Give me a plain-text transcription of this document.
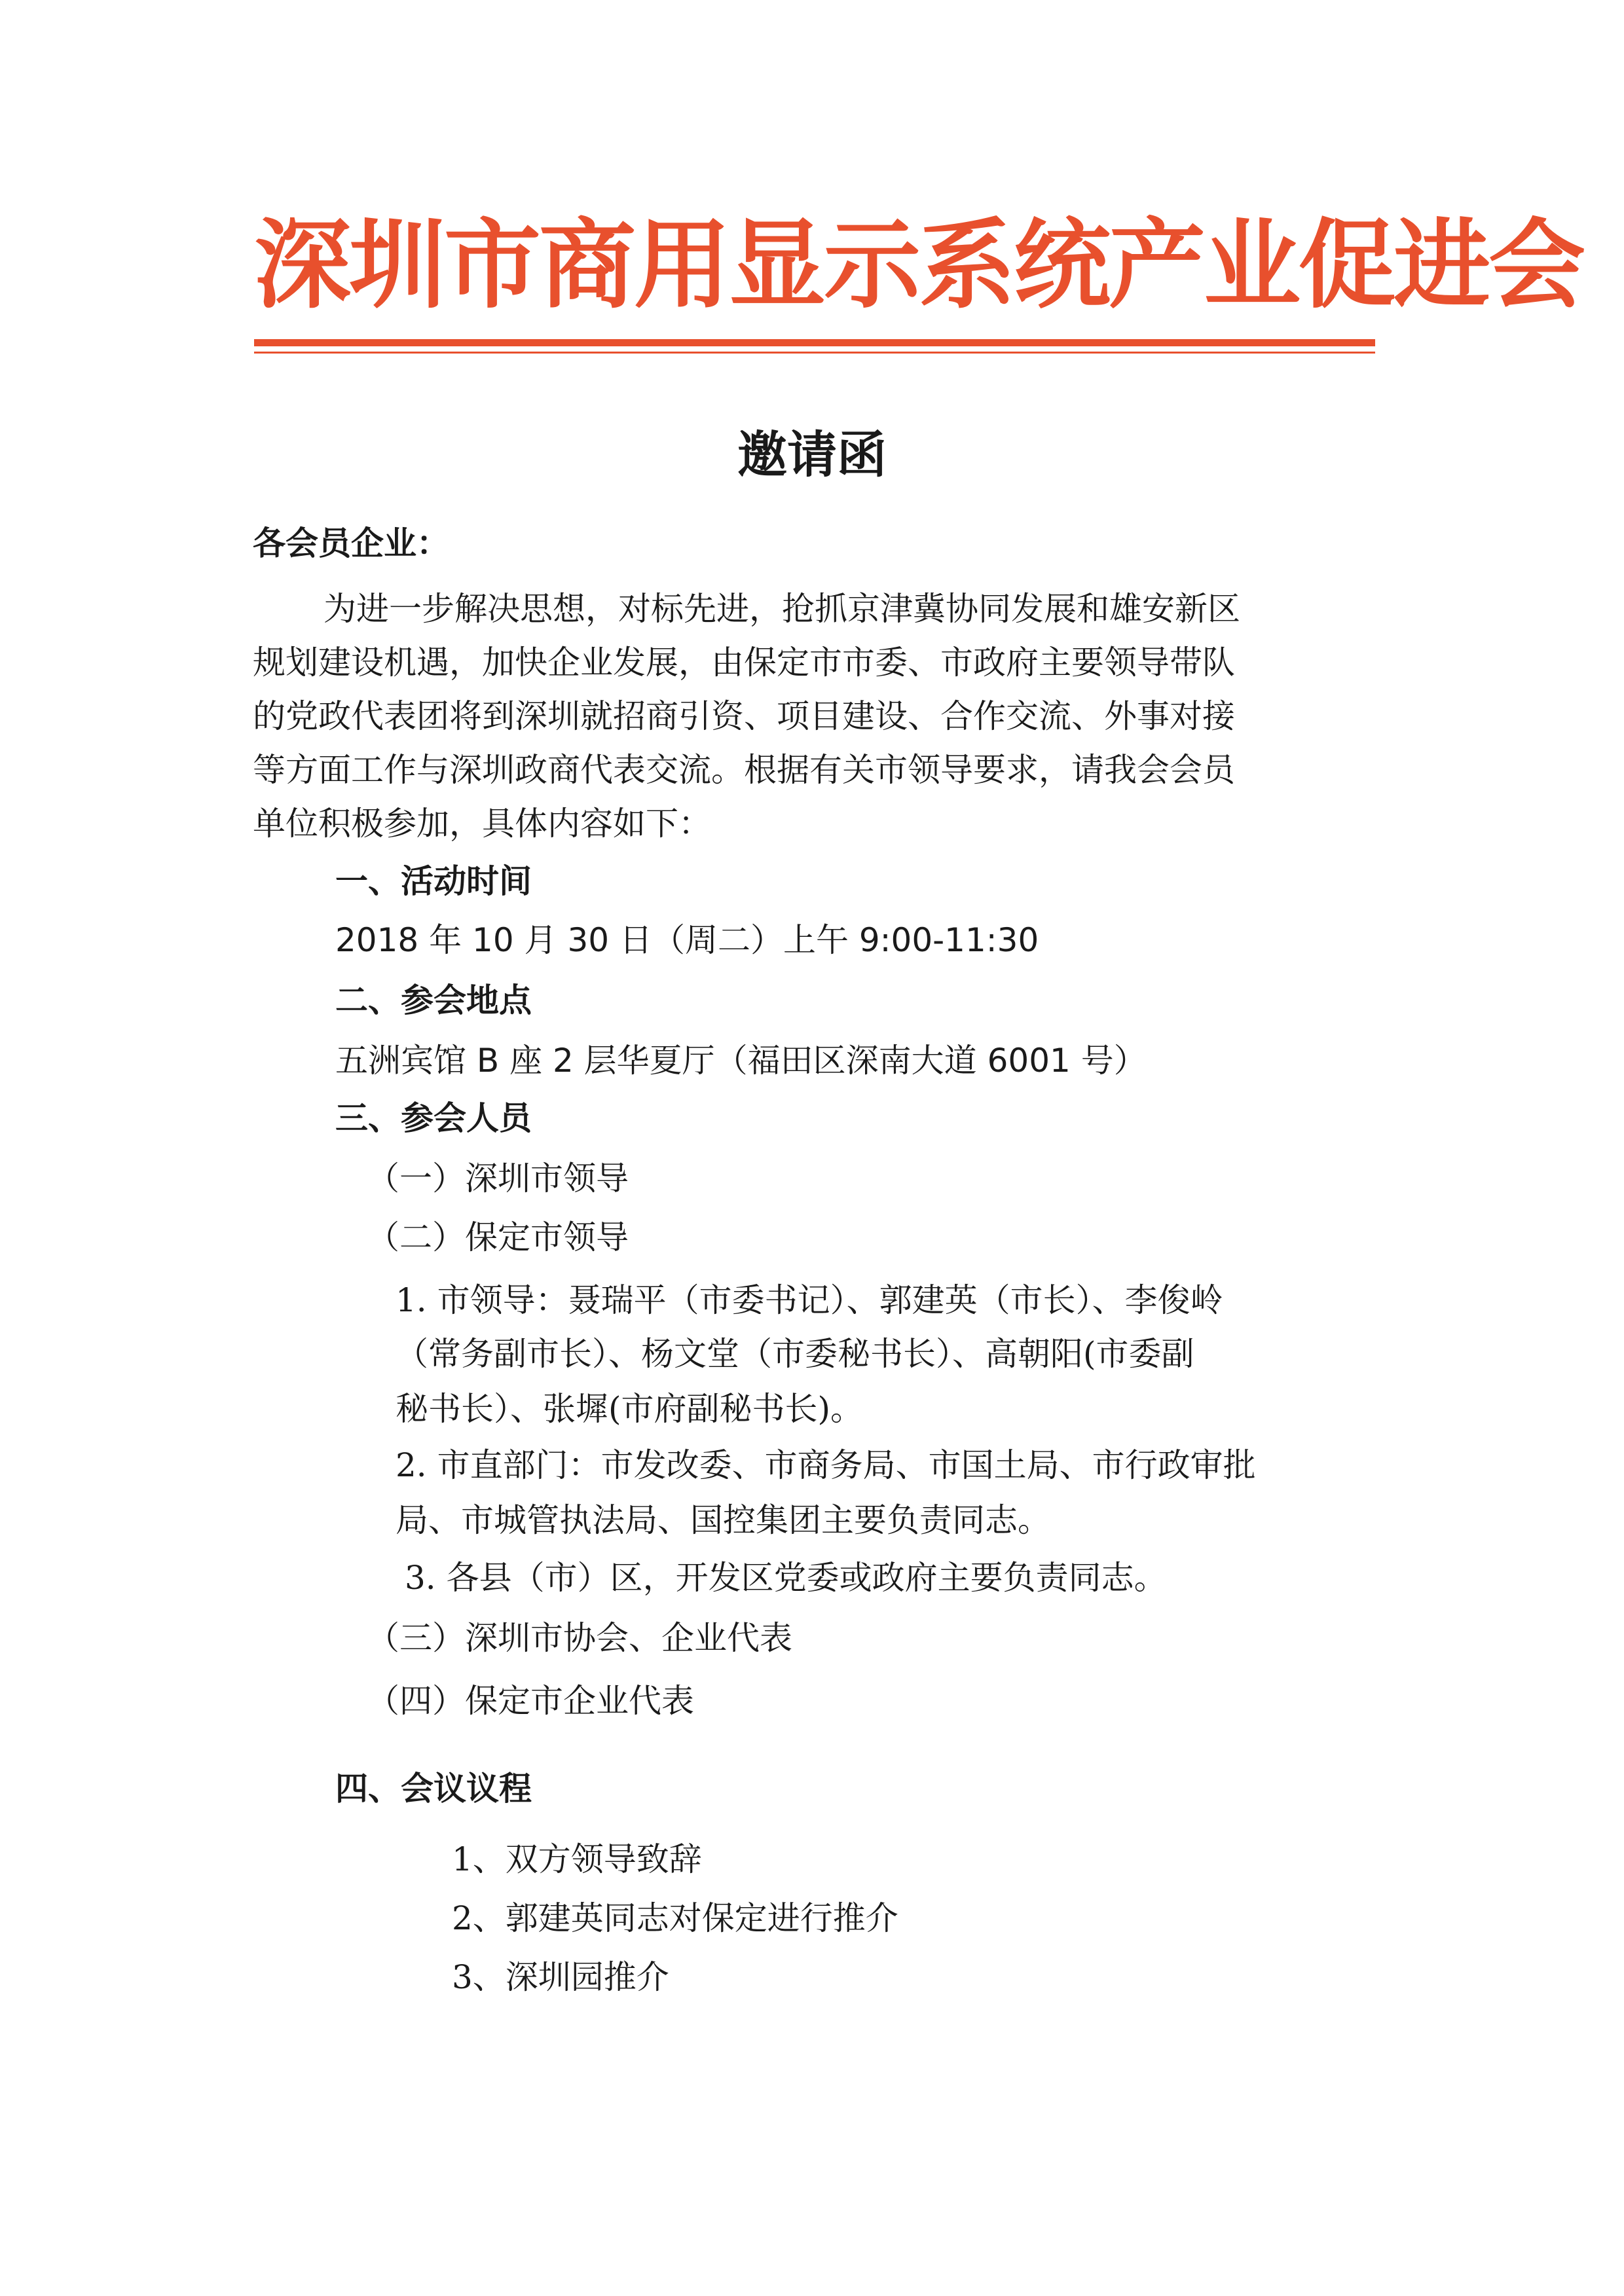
深圳市商用显示系统产业促进会
邀请函
各会员企业：
为进一步解决思想，对标先进，抢抓京津冀协同发展和雄安新区
规划建设机遇，加快企业发展，由保定市市委、市政府主要领导带队
的党政代表团将到深圳就招商引资、项目建设、合作交流、外事对接
等方面工作与深圳政商代表交流。根据有关市领导要求，请我会会员
单位积极参加，具体内容如下：
一、活动时间
2018 年 10 月 30 日（周二）上午 9:00-11:30
二、参会地点
五洲宾馆 B 座 2 层华夏厅（福田区深南大道 6001 号）
三、参会人员
（一）深圳市领导
（二）保定市领导
1. 市领导：聂瑞平（市委书记）、郭建英（市长）、李俊岭
（常务副市长）、杨文堂（市委秘书长）、高朝阳(市委副
秘书长）、张墀(市府副秘书长)。
2. 市直部门：市发改委、市商务局、市国土局、市行政审批
局、市城管执法局、国控集团主要负责同志。
3. 各县（市）区，开发区党委或政府主要负责同志。
（三）深圳市协会、企业代表
（四）保定市企业代表
四、会议议程
1、双方领导致辞
2、郭建英同志对保定进行推介
3、深圳园推介
